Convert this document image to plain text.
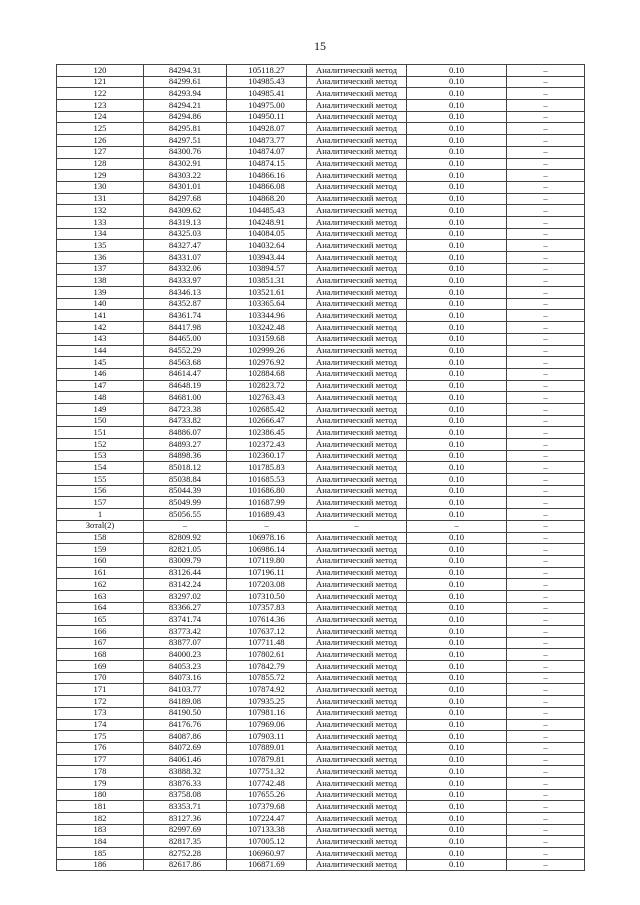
15
120	84294.31	105118.27	Аналитический метод	0.10	–
121	84299.61	104985.43	Аналитический метод	0.10	–
122	84293.94	104985.41	Аналитический метод	0.10	–
123	84294.21	104975.00	Аналитический метод	0.10	–
124	84294.86	104950.11	Аналитический метод	0.10	–
125	84295.81	104928.07	Аналитический метод	0.10	–
126	84297.51	104873.77	Аналитический метод	0.10	–
127	84300.76	104874.07	Аналитический метод	0.10	–
128	84302.91	104874.15	Аналитический метод	0.10	–
129	84303.22	104866.16	Аналитический метод	0.10	–
130	84301.01	104866.08	Аналитический метод	0.10	–
131	84297.68	104868.20	Аналитический метод	0.10	–
132	84309.62	104485.43	Аналитический метод	0.10	–
133	84319.13	104248.91	Аналитический метод	0.10	–
134	84325.03	104084.05	Аналитический метод	0.10	–
135	84327.47	104032.64	Аналитический метод	0.10	–
136	84331.07	103943.44	Аналитический метод	0.10	–
137	84332.06	103894.57	Аналитический метод	0.10	–
138	84333.97	103851.31	Аналитический метод	0.10	–
139	84346.13	103521.61	Аналитический метод	0.10	–
140	84352.87	103365.64	Аналитический метод	0.10	–
141	84361.74	103344.96	Аналитический метод	0.10	–
142	84417.98	103242.48	Аналитический метод	0.10	–
143	84465.00	103159.68	Аналитический метод	0.10	–
144	84552.29	102999.26	Аналитический метод	0.10	–
145	84563.68	102976.92	Аналитический метод	0.10	–
146	84614.47	102884.68	Аналитический метод	0.10	–
147	84648.19	102823.72	Аналитический метод	0.10	–
148	84681.00	102763.43	Аналитический метод	0.10	–
149	84723.38	102685.42	Аналитический метод	0.10	–
150	84733.82	102666.47	Аналитический метод	0.10	–
151	84886.07	102386.45	Аналитический метод	0.10	–
152	84893.27	102372.43	Аналитический метод	0.10	–
153	84898.36	102360.17	Аналитический метод	0.10	–
154	85018.12	101785.83	Аналитический метод	0.10	–
155	85038.84	101685.53	Аналитический метод	0.10	–
156	85044.39	101686.80	Аналитический метод	0.10	–
157	85049.99	101687.99	Аналитический метод	0.10	–
1	85056.55	101689.43	Аналитический метод	0.10	–
Зотаl(2)	–	–	–	–	–
158	82809.92	106978.16	Аналитический метод	0.10	–
159	82821.05	106986.14	Аналитический метод	0.10	–
160	83009.79	107119.80	Аналитический метод	0.10	–
161	83126.44	107196.11	Аналитический метод	0.10	–
162	83142.24	107203.08	Аналитический метод	0.10	–
163	83297.02	107310.50	Аналитический метод	0.10	–
164	83366.27	107357.83	Аналитический метод	0.10	–
165	83741.74	107614.36	Аналитический метод	0.10	–
166	83773.42	107637.12	Аналитический метод	0.10	–
167	83877.07	107711.48	Аналитический метод	0.10	–
168	84000.23	107802.61	Аналитический метод	0.10	–
169	84053.23	107842.79	Аналитический метод	0.10	–
170	84073.16	107855.72	Аналитический метод	0.10	–
171	84103.77	107874.92	Аналитический метод	0.10	–
172	84189.08	107935.25	Аналитический метод	0.10	–
173	84190.50	107981.16	Аналитический метод	0.10	–
174	84176.76	107969.06	Аналитический метод	0.10	–
175	84087.86	107903.11	Аналитический метод	0.10	–
176	84072.69	107889.01	Аналитический метод	0.10	–
177	84061.46	107879.81	Аналитический метод	0.10	–
178	83888.32	107751.32	Аналитический метод	0.10	–
179	83876.33	107742.48	Аналитический метод	0.10	–
180	83758.08	107655.26	Аналитический метод	0.10	–
181	83353.71	107379.68	Аналитический метод	0.10	–
182	83127.36	107224.47	Аналитический метод	0.10	–
183	82997.69	107133.38	Аналитический метод	0.10	–
184	82817.35	107005.12	Аналитический метод	0.10	–
185	82752.28	106960.97	Аналитический метод	0.10	–
186	82617.86	106871.69	Аналитический метод	0.10	–
